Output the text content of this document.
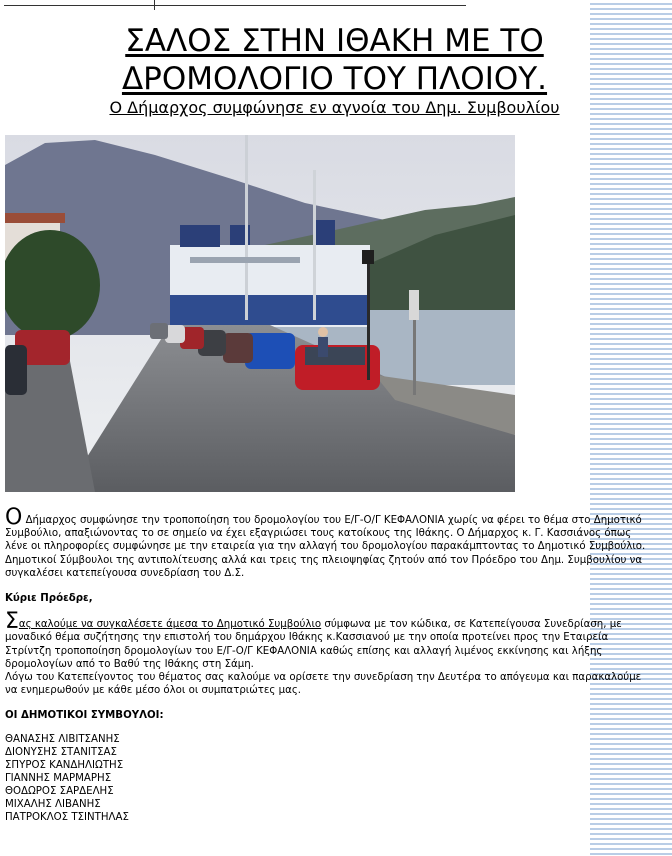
ΣΑΛΟΣ ΣΤΗΝ ΙΘΑΚΗ ΜΕ ΤΟ
ΔΡΟΜΟΛΟΓΙΟ ΤΟΥ ΠΛΟΙΟΥ.
Ο Δήμαρχος συμφώνησε εν αγνοία του Δημ. Συμβουλίου

Ο Δήμαρχος συμφώνησε την τροποποίηση του δρομολογίου του Ε/Γ-Ο/Γ ΚΕΦΑΛΟΝΙΑ χωρίς να φέρει το θέμα στο Δημοτικό Συμβούλιο, απαξιώνοντας το σε σημείο να έχει εξαγριώσει τους κατοίκους της Ιθάκης. Ο Δήμαρχος κ. Γ. Κασσιάνος όπως λένε οι πληροφορίες συμφώνησε με την εταιρεία για την αλλαγή του δρομολογίου παρακάμπτοντας το Δημοτικό Συμβούλιο.

Δημοτικοί Σύμβουλοι της αντιπολίτευσης αλλά και τρεις της πλειοψηφίας ζητούν από τον Πρόεδρο του Δημ. Συμβουλίου να συγκαλέσει κατεπείγουσα συνεδρίαση του Δ.Σ.

Κύριε Πρόεδρε,

Σας καλούμε να συγκαλέσετε άμεσα το Δημοτικό Συμβούλιο σύμφωνα με τον κώδικα, σε Κατεπείγουσα Συνεδρίαση, με μοναδικό θέμα συζήτησης την επιστολή του δημάρχου Ιθάκης κ.Κασσιανού με την οποία προτείνει προς την Εταιρεία Στρίντζη τροποποίηση δρομολογίων του Ε/Γ-Ο/Γ ΚΕΦΑΛΟΝΙΑ καθώς επίσης και αλλαγή λιμένος εκκίνησης και λήξης δρομολογίων από το Βαθύ της Ιθάκης στη Σάμη.

Λόγω του Κατεπείγοντος του θέματος σας καλούμε να ορίσετε την συνεδρίαση την Δευτέρα το απόγευμα και παρακαλούμε να ενημερωθούν με κάθε μέσο όλοι οι συμπατριώτες μας.

ΟΙ ΔΗΜΟΤΙΚΟΙ ΣΥΜΒΟΥΛΟΙ:

ΘΑΝΑΣΗΣ ΛΙΒΙΤΣΑΝΗΣ
ΔΙΟΝΥΣΗΣ ΣΤΑΝΙΤΣΑΣ
ΣΠΥΡΟΣ ΚΑΝΔΗΛΙΩΤΗΣ
ΓΙΑΝΝΗΣ ΜΑΡΜΑΡΗΣ
ΘΟΔΩΡΟΣ ΣΑΡΔΕΛΗΣ
ΜΙΧΑΛΗΣ ΛΙΒΑΝΗΣ
ΠΑΤΡΟΚΛΟΣ ΤΣΙΝΤΗΛΑΣ
